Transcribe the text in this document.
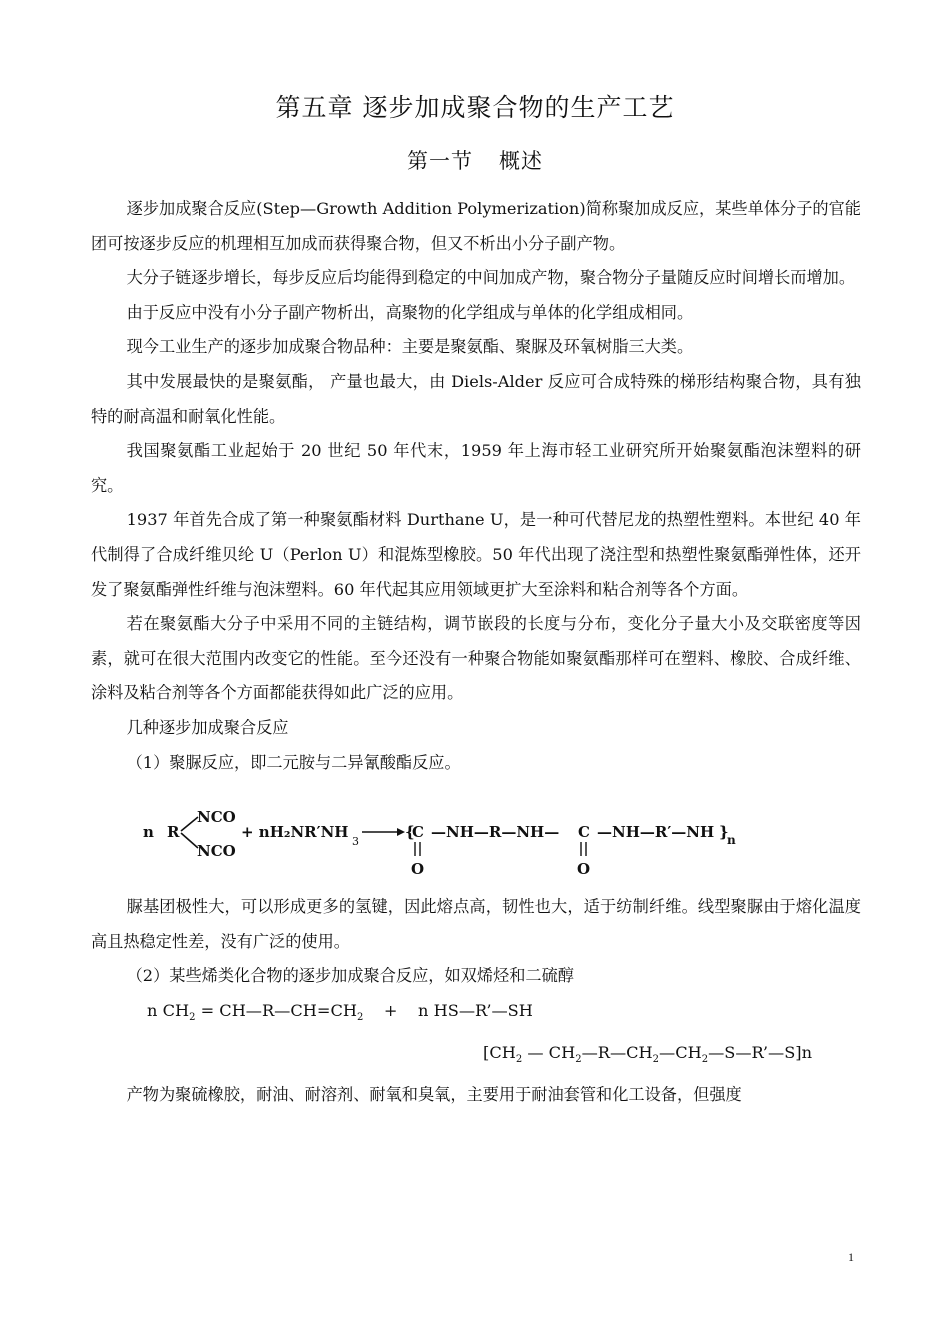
第五章 逐步加成聚合物的生产工艺
第一节 概述

逐步加成聚合反应(Step—Growth Addition Polymerization)简称聚加成反应，某些单体分子的官能团可按逐步反应的机理相互加成而获得聚合物，但又不析出小分子副产物。

大分子链逐步增长，每步反应后均能得到稳定的中间加成产物，聚合物分子量随反应时间增长而增加。

由于反应中没有小分子副产物析出，高聚物的化学组成与单体的化学组成相同。

现今工业生产的逐步加成聚合物品种：主要是聚氨酯、聚脲及环氧树脂三大类。

其中发展最快的是聚氨酯， 产量也最大，由 Diels-Alder 反应可合成特殊的梯形结构聚合物，具有独特的耐高温和耐氧化性能。

我国聚氨酯工业起始于 20 世纪 50 年代末，1959 年上海市轻工业研究所开始聚氨酯泡沫塑料的研究。

1937 年首先合成了第一种聚氨酯材料 Durthane U，是一种可代替尼龙的热塑性塑料。本世纪 40 年代制得了合成纤维贝纶 U（Perlon U）和混炼型橡胶。50 年代出现了浇注型和热塑性聚氨酯弹性体，还开发了聚氨酯弹性纤维与泡沫塑料。60 年代起其应用领域更扩大至涂料和粘合剂等各个方面。

若在聚氨酯大分子中采用不同的主链结构，调节嵌段的长度与分布，变化分子量大小及交联密度等因素，就可在很大范围内改变它的性能。至今还没有一种聚合物能如聚氨酯那样可在塑料、橡胶、合成纤维、涂料及粘合剂等各个方面都能获得如此广泛的应用。

几种逐步加成聚合反应

（1）聚脲反应，即二元胺与二异氰酸酯反应。

n R
NCO
NCO
+ nH₂NR′NH
3
{
C
O
—NH—R—NH— C
O
—NH—R′—NH }
n

脲基团极性大，可以形成更多的氢键，因此熔点高，韧性也大，适于纺制纤维。线型聚脲由于熔化温度高且热稳定性差，没有广泛的使用。

（2）某些烯类化合物的逐步加成聚合反应，如双烯烃和二硫醇

n $CH_2$ = $CH—R—CH=CH_2$    +    n HS—R’—SH

[$CH_2$ — $CH_2—R—CH_2—CH_2—S—R’—S]n$

产物为聚硫橡胶，耐油、耐溶剂、耐氧和臭氧，主要用于耐油套管和化工设备，但强度

1
